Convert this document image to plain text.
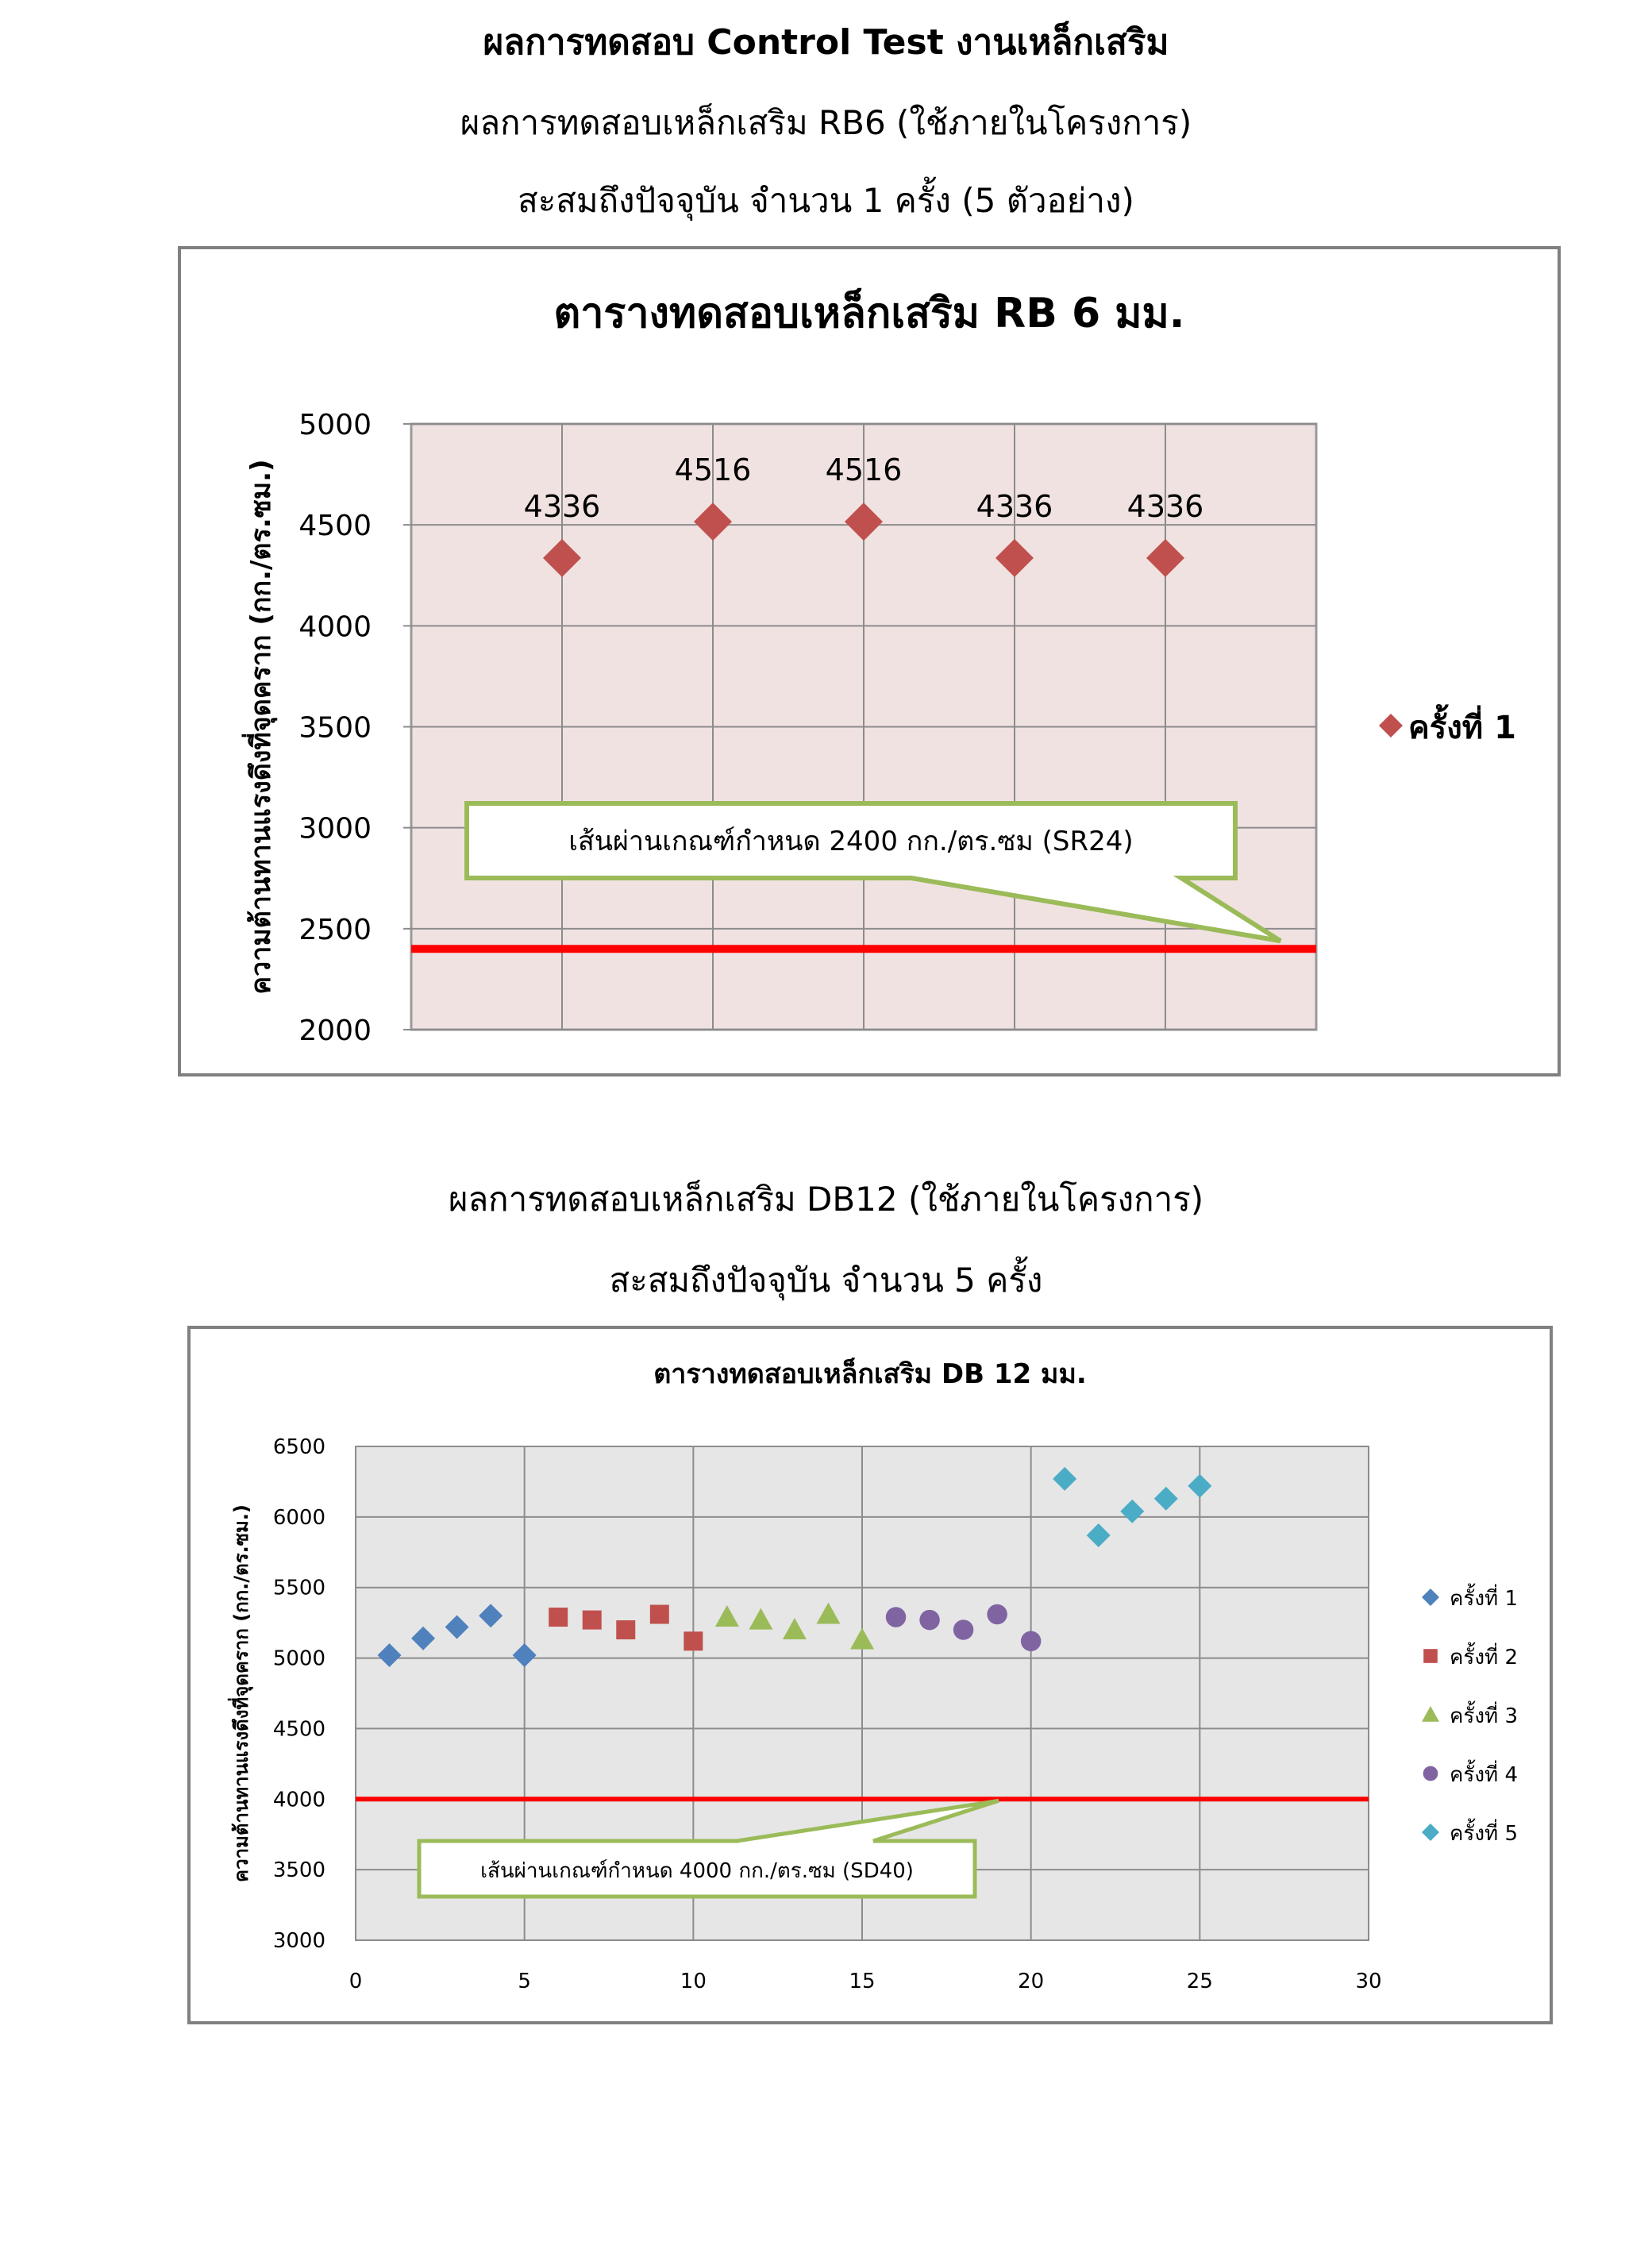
ผลการทดสอบ Control Test งานเหล็กเสริม
ผลการทดสอบเหล็กเสริม RB6 (ใช้ภายในโครงการ)
สะสมถึงปัจจุบัน จำนวน 1 ครั้ง (5 ตัวอย่าง)
ตารางทดสอบเหล็กเสริม RB 6 มม.
2000
2500
3000
3500
4000
4500
5000
ความต้านทานแรงดึงที่จุดคราก (กก./ตร.ซม.)	เส้นผ่านเกณฑ์กำหนด 2400 กก./ตร.ซม (SR24)
4336
4516 4516
4336 4336
ครั้งที่ 1
ผลการทดสอบเหล็กเสริม DB12 (ใช้ภายในโครงการ)
สะสมถึงปัจจุบัน จำนวน 5 ครั้ง
ตารางทดสอบเหล็กเสริม DB 12 มม.
3000
3500
4000
4500
5000
5500
6000
6500
0	5	10	15	20	25	30
ความต้านทานแรงดึงที่จุดคราก (กก./ตร.ซม.)	เส้นผ่านเกณฑ์กำหนด 4000 กก./ตร.ซม (SD40)
ครั้งที่ 1
ครั้งที่ 2
ครั้งที่ 3
ครั้งที่ 4
ครั้งที่ 5
